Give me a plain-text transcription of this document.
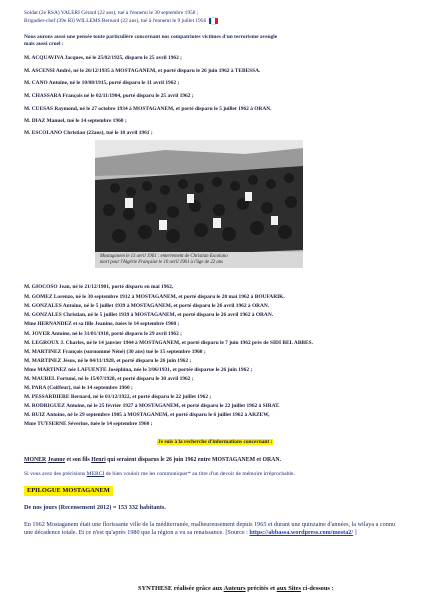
Soldat (2e RSA) VALERI Gérard (22 ans), tué à l'ennemi le 30 septembre 1958 ;
Brigadier-chef (39e RI) WILLEMS Bernard (22 ans), tué à l'ennemi le 9 juillet 1956
Nous aurons aussi une pensée toute particulière concernant nos compatriotes victimes d'un terrorisme aveugle
mais aussi cruel :
M. ACQUAVIVA Jacques, né le 25/02/1925, disparu le 25 avril 1962 ;
M. ASCENSI André, né le 26/12/1935 à MOSTAGANEM, et porté disparu le 26 juin 1962 à TEBESSA.
M. CANO Antoine, né le 10/08/1915, porté disparu le 11 avril 1962 ;
M. CHASSARA François né le 02/11/1904, porté disparu le 25 avril 1962 ;
M. CUESAS Raymond, né le 27 octobre 1934 à MOSTAGANEM, et porté disparu le 5 juillet 1962 à ORAN.
M. DIAZ Manuel, tué le 14 septembre 1960 ;
M. ESCOLANO Christian (22ans), tué le 10 avril 1961 ;
Mostaganem le 13 avril 1961 : enterrement de Christian Escolano
mort pour l'Algérie Française le 10 avril 1961 à l'âge de 22 ans
M. GIOCOSO Jean, né le 21/12/1901, porté disparu en mai 1962,
M. GOMEZ Lorenzo, né le 30 septembre 1912 à MOSTAGANEM, et porté disparu le 20 mai 1962 à BOUFARIK.
M. GONZALES Antoine, né le 5 juillet 1939 à MOSTAGANEM, et porté disparu le 26 avril 1962 à ORAN.
M. GONZALES Christian, né le 5 juillet 1939 à MOSTAGANEM, et porté disparu le 26 avril 1962 à ORAN.
Mme HERNANDEZ et sa fille Jeanine, tuées le 14 septembre 1960 ;
M. JOVER Antoine, né le 31/01/1918, porté disparu le 29 avril 1962 ;
M. LEGROUX J. Charles, né le 14 janvier 1944 à MOSTAGANEM, et porté disparu le 7 juin 1962 près de SIDI BEL ABBES.
M. MARTINEZ François (surnommé Néné) (30 ans) tué le 15 septembre 1960 ;
M. MARTINEZ Jésus, né le 04/11/1928, et porté disparu le 26 juin 1962 ;
Mme MARTINEZ née LAFUENTE Joséphina, née le 3/06/1931, et portée disparue le 26 juin 1962 ;
M. MAUREL Fortuné, né le 15/07/1928, et porté disparu le 30 avril 1962 ;
M. PARA (Coiffeur), tué le 14 septembre 1960 ;
M. PESSARDIERE Bernard, né le 01/12/1922, et porté disparu le 22 juillet 1962 ;
M. RODRIGUEZ Antoine, né le 25 février 1927 à MOSTAGANEM, et porté disparu le 22 juillet 1962 à SIRAT.
M. RUIZ Antoine, né le 29 septembre 1905 à MOSTAGANEM, et porté disparu le 6 juillet 1962 à ARZEW,
Mme TUYSERNE Séverine, tuée le 14 septembre 1960 ;
Je suis à la recherche d'informations concernant :
MONER Jeanne et son fils Henri qui seraient disparus le 26 juin 1962 entre MOSTAGANEM et ORAN.
Si vous avez des précisions MERCI de bien vouloir me les communiquer* au titre d'un devoir de mémoire irréprochable.
EPILOGUE MOSTAGANEM
De nos jours (Recensement 2012) = 153 332 habitants.
En 1962 Mostaganem était une florissante ville de la méditerranée, malheureusement depuis 1965 et durant une quinzaine d'années, la wilaya a connu une décadence totale. Et ce n'est qu'après 1980 que la région a vu sa renaissance. [Source : https://abbassa.wordpress.com/mosta2/ ]
SYNTHESE réalisée grâce aux Auteurs précités et aux Sites ci-dessous :
